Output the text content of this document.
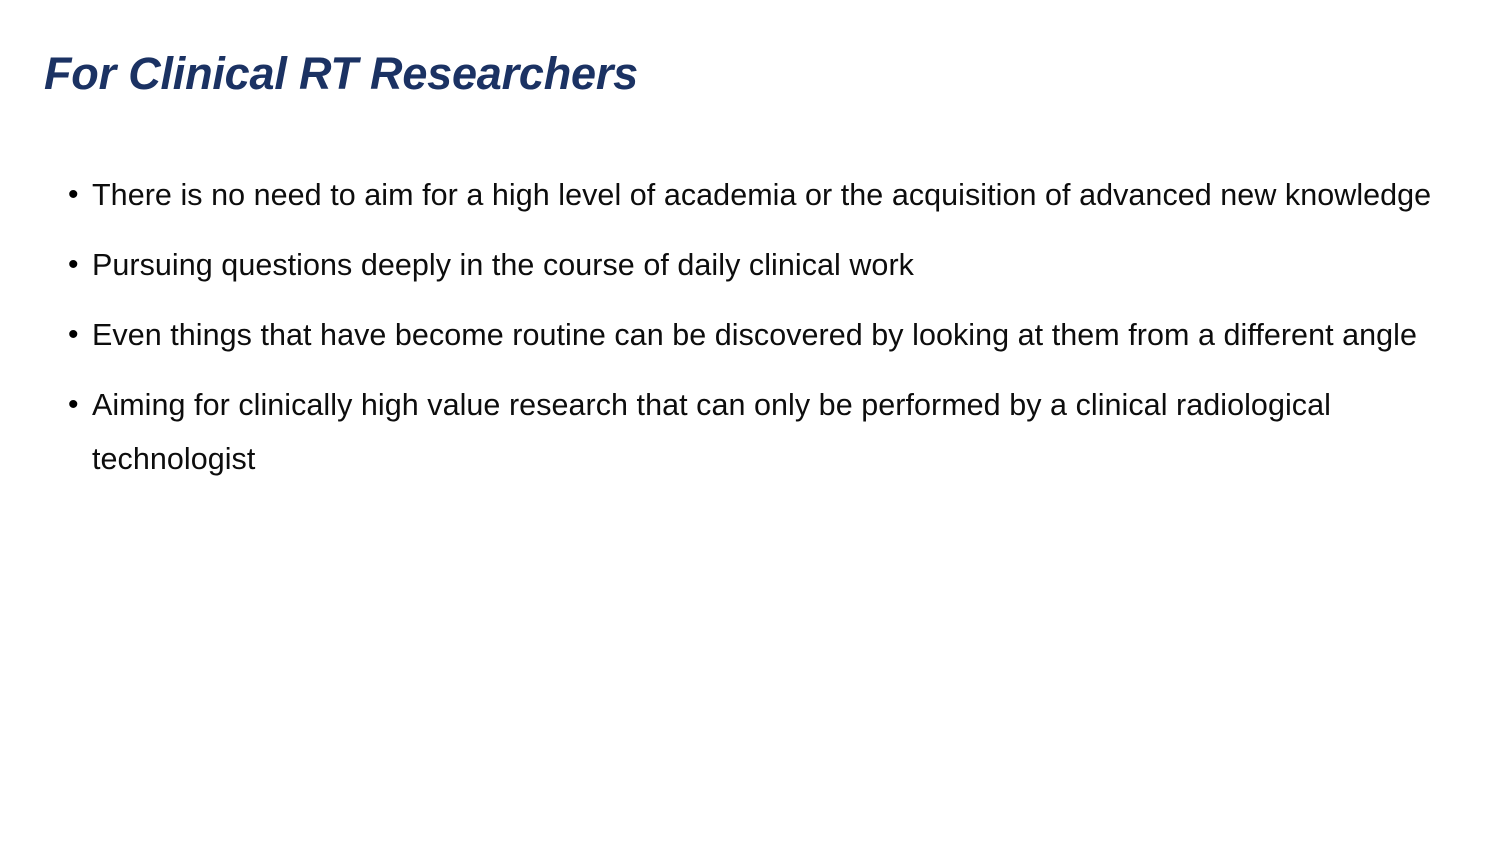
For Clinical RT Researchers
• There is no need to aim for a high level of academia or the acquisition of advanced new knowledge
• Pursuing questions deeply in the course of daily clinical work
• Even things that have become routine can be discovered by looking at them from a different angle
• Aiming for clinically high value research that can only be performed by a clinical radiological technologist
